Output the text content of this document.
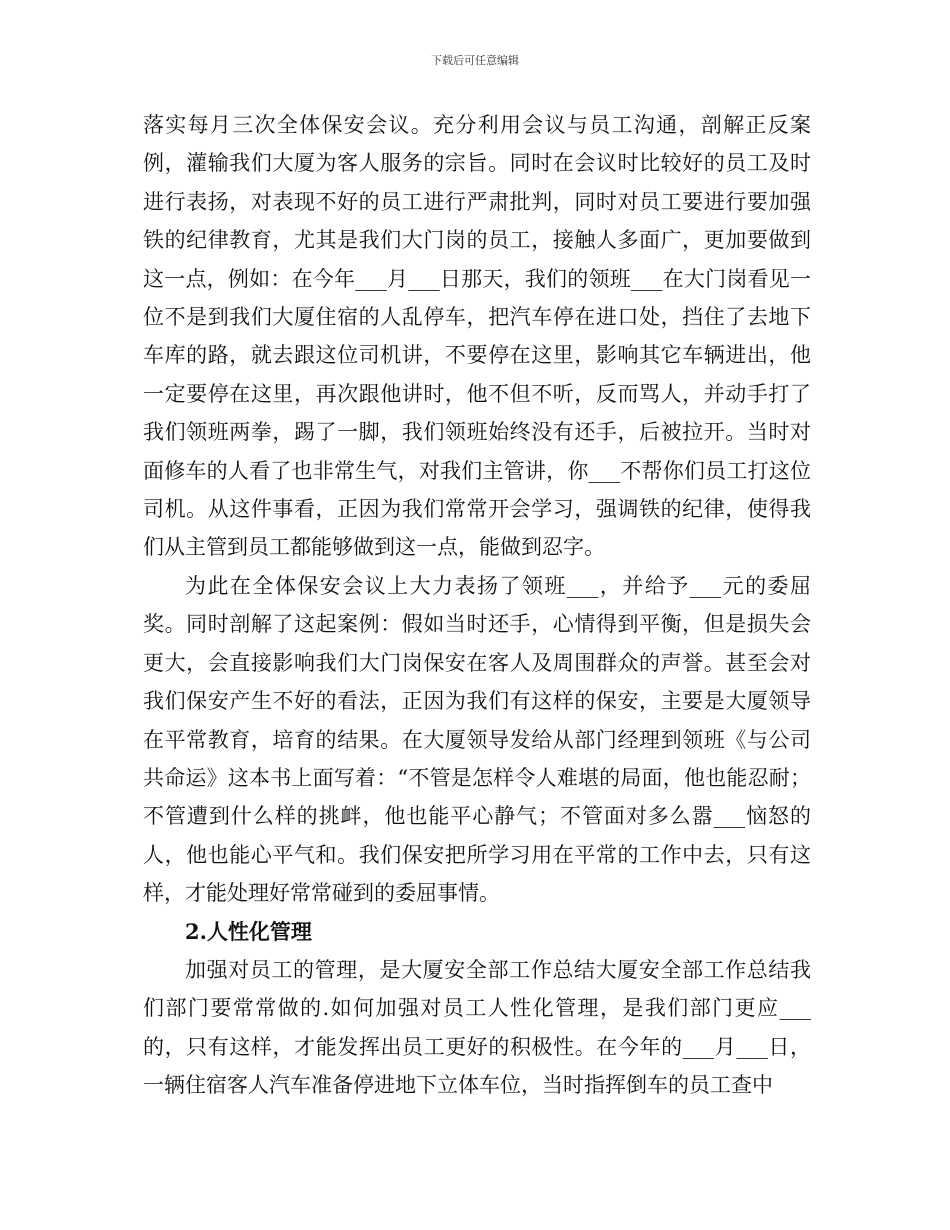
下载后可任意编辑

落实每月三次全体保安会议。充分利用会议与员工沟通，剖解正反案例，灌输我们大厦为客人服务的宗旨。同时在会议时比较好的员工及时进行表扬，对表现不好的员工进行严肃批判，同时对员工要进行要加强铁的纪律教育，尤其是我们大门岗的员工，接触人多面广，更加要做到这一点，例如：在今年___月___日那天，我们的领班___在大门岗看见一位不是到我们大厦住宿的人乱停车，把汽车停在进口处，挡住了去地下车库的路，就去跟这位司机讲，不要停在这里，影响其它车辆进出，他一定要停在这里，再次跟他讲时，他不但不听，反而骂人，并动手打了我们领班两拳，踢了一脚，我们领班始终没有还手，后被拉开。当时对面修车的人看了也非常生气，对我们主管讲，你___不帮你们员工打这位司机。从这件事看，正因为我们常常开会学习，强调铁的纪律，使得我们从主管到员工都能够做到这一点，能做到忍字。

为此在全体保安会议上大力表扬了领班___，并给予___元的委屈奖。同时剖解了这起案例：假如当时还手，心情得到平衡，但是损失会更大，会直接影响我们大门岗保安在客人及周围群众的声誉。甚至会对我们保安产生不好的看法，正因为我们有这样的保安，主要是大厦领导在平常教育，培育的结果。在大厦领导发给从部门经理到领班《与公司共命运》这本书上面写着：“不管是怎样令人难堪的局面，他也能忍耐；不管遭到什么样的挑衅，他也能平心静气；不管面对多么嚣___恼怒的人，他也能心平气和。我们保安把所学习用在平常的工作中去，只有这样，才能处理好常常碰到的委屈事情。

2.人性化管理

加强对员工的管理，是大厦安全部工作总结大厦安全部工作总结我们部门要常常做的.如何加强对员工人性化管理，是我们部门更应___的，只有这样，才能发挥出员工更好的积极性。在今年的___月___日，一辆住宿客人汽车准备停进地下立体车位，当时指挥倒车的员工查中
